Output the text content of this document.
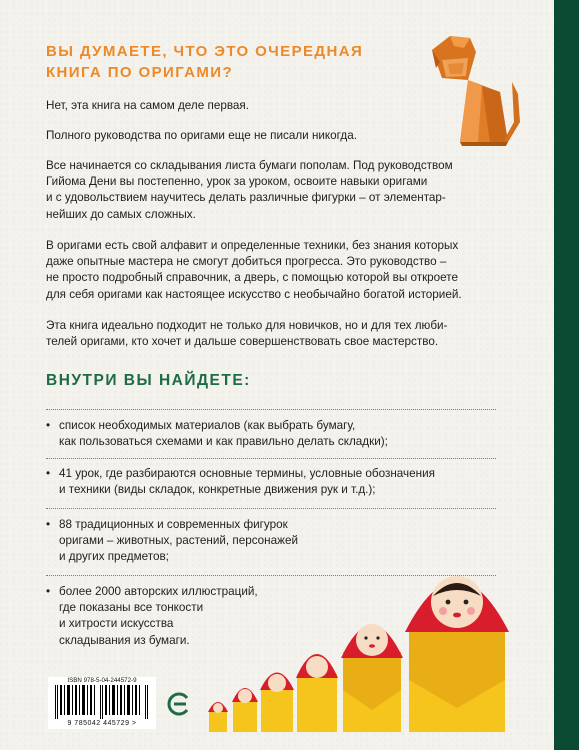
ВЫ ДУМАЕТЕ, ЧТО ЭТО ОЧЕРЕДНАЯ КНИГА ПО ОРИГАМИ?

Нет, эта книга на самом деле первая.

Полного руководства по оригами еще не писали никогда.

Все начинается со складывания листа бумаги пополам. Под руководством
Гийома Дени вы постепенно, урок за уроком, освоите навыки оригами
и с удовольствием научитесь делать различные фигурки – от элементар-
нейших до самых сложных.

В оригами есть свой алфавит и определенные техники, без знания которых
даже опытные мастера не смогут добиться прогресса. Это руководство –
не просто подробный справочник, а дверь, с помощью которой вы откроете
для себя оригами как настоящее искусство с необычайно богатой историей.

Эта книга идеально подходит не только для новичков, но и для тех люби-
телей оригами, кто хочет и дальше совершенствовать свое мастерство.

ВНУТРИ ВЫ НАЙДЕТЕ:

• список необходимых материалов (как выбрать бумагу,
как пользоваться схемами и как правильно делать складки);

• 41 урок, где разбираются основные термины, условные обозначения
и техники (виды складок, конкретные движения рук и т.д.);

• 88 традиционных и современных фигурок
оригами – животных, растений, персонажей
и других предметов;

• более 2000 авторских иллюстраций,
где показаны все тонкости
и хитрости искусства
складывания из бумаги.

ISBN 978-5-04-244572-9
9 785042 445729 >
